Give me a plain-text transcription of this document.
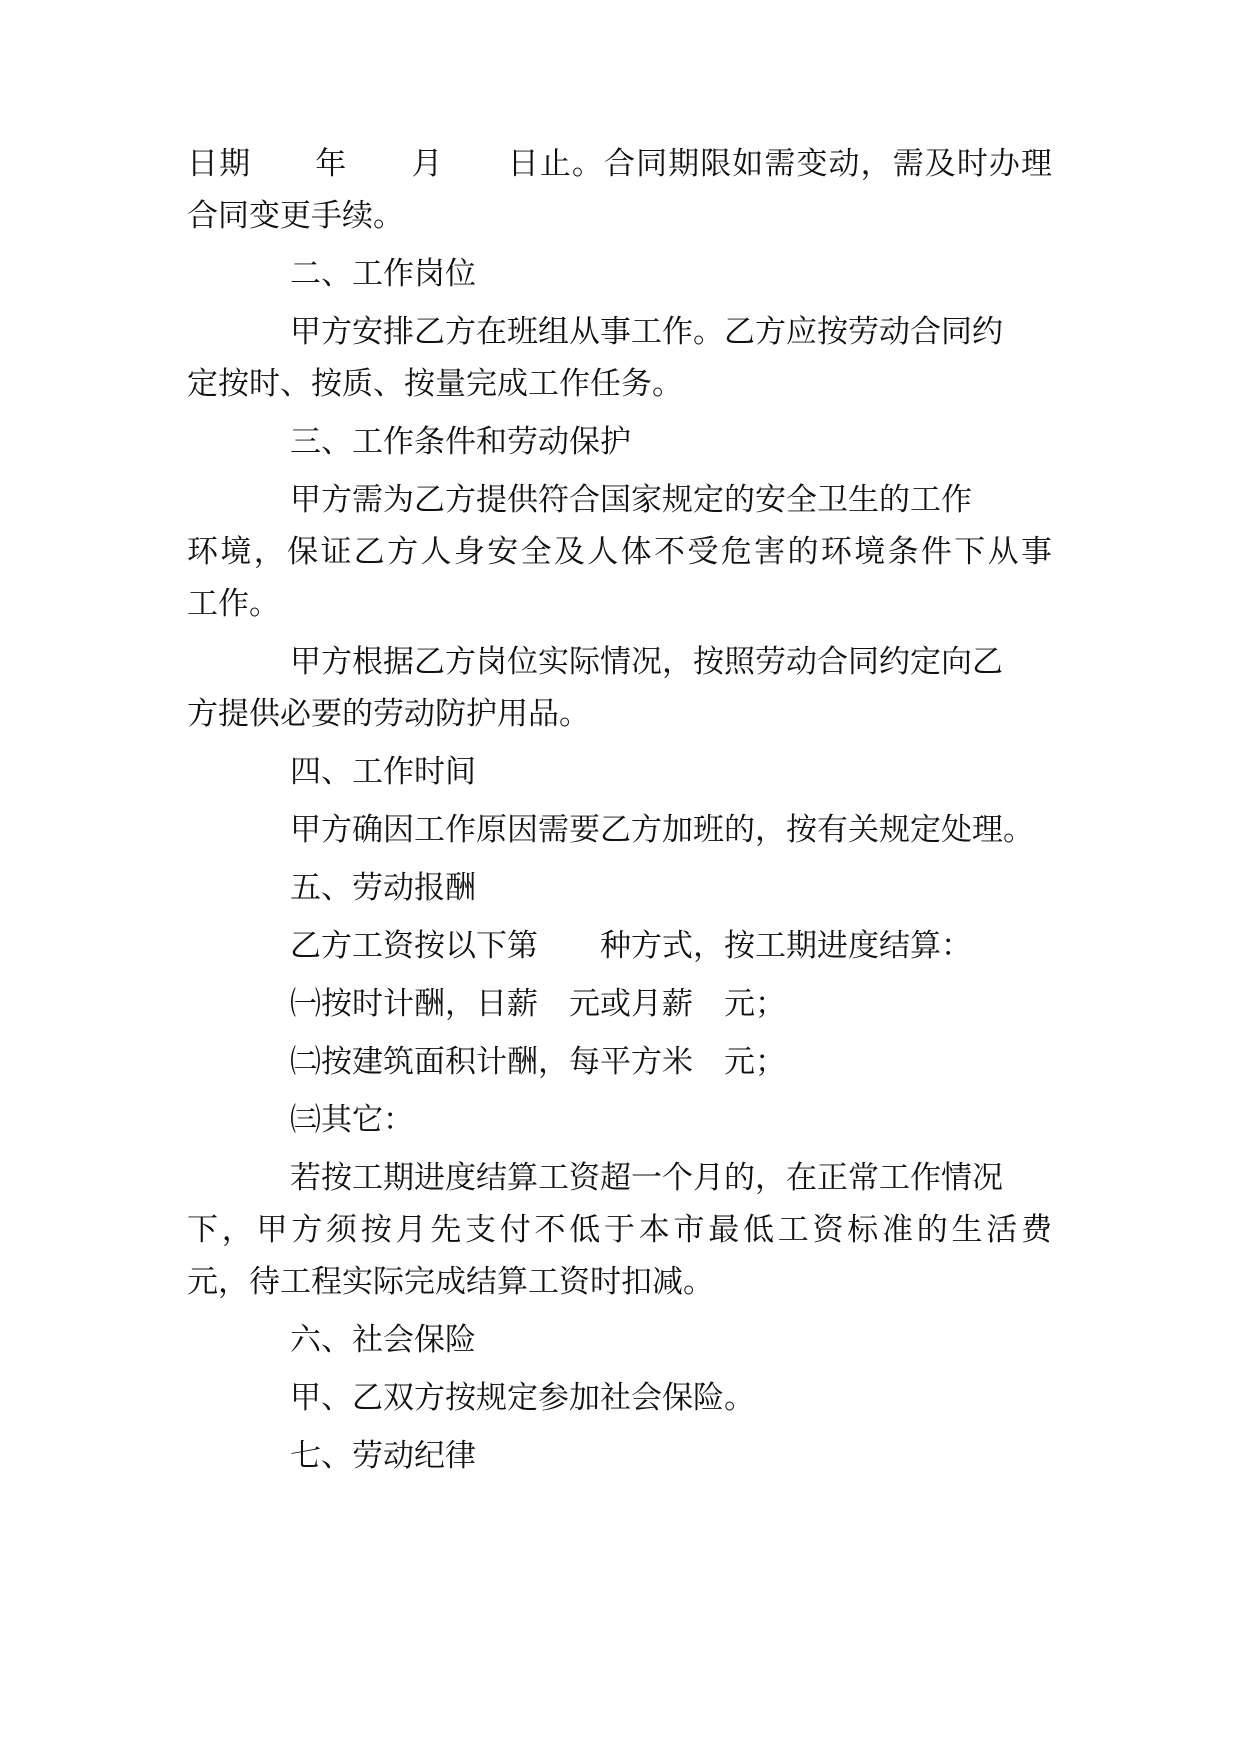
日期　　年　　月　　日止。合同期限如需变动，需及时办理
合同变更手续。
二、工作岗位
甲方安排乙方在班组从事工作。乙方应按劳动合同约
定按时、按质、按量完成工作任务。
三、工作条件和劳动保护
甲方需为乙方提供符合国家规定的安全卫生的工作
环境，保证乙方人身安全及人体不受危害的环境条件下从事
工作。
甲方根据乙方岗位实际情况，按照劳动合同约定向乙
方提供必要的劳动防护用品。
四、工作时间
甲方确因工作原因需要乙方加班的，按有关规定处理。
五、劳动报酬
乙方工资按以下第　　种方式，按工期进度结算：
㈠按时计酬，日薪　元或月薪　元；
㈡按建筑面积计酬，每平方米　元；
㈢其它：
若按工期进度结算工资超一个月的，在正常工作情况
下，甲方须按月先支付不低于本市最低工资标准的生活费
元，待工程实际完成结算工资时扣减。
六、社会保险
甲、乙双方按规定参加社会保险。
七、劳动纪律
